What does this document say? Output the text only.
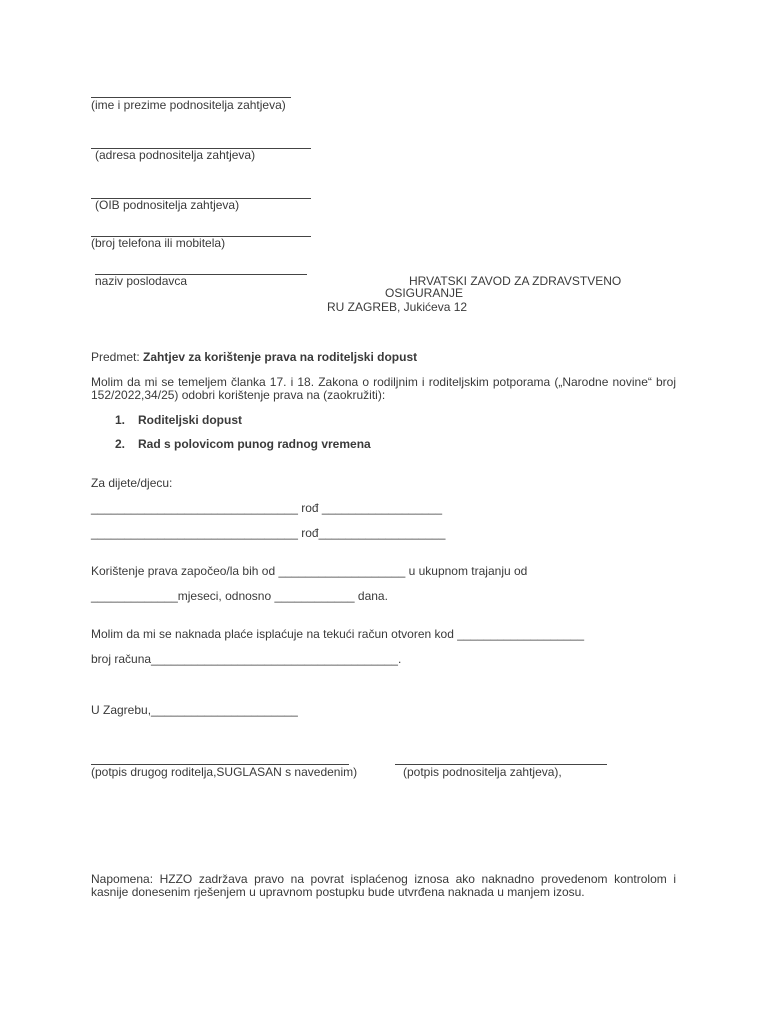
(ime i prezime podnositelja zahtjeva)
(adresa podnositelja zahtjeva)
(OIB podnositelja zahtjeva)
(broj telefona ili mobitela)
naziv poslodavca	HRVATSKI ZAVOD ZA ZDRAVSTVENO
OSIGURANJE
RU ZAGREB, Jukićeva 12
Predmet: Zahtjev za korištenje prava na roditeljski dopust
Molim da mi se temeljem članka 17. i 18. Zakona o rodiljnim i roditeljskim potporama („Narodne novine“ broj 152/2022,34/25) odobri korištenje prava na (zaokružiti):
1. Roditeljski dopust
2. Rad s polovicom punog radnog vremena
Za dijete/djecu:
_______________________________ rođ __________________
_______________________________ rođ___________________
Korištenje prava započeo/la bih od ___________________ u ukupnom trajanju od
_____________mjeseci, odnosno ____________ dana.
Molim da mi se naknada plaće isplaćuje na tekući račun otvoren kod ___________________
broj računa_____________________________________.
U Zagrebu,______________________
(potpis drugog roditelja,SUGLASAN s navedenim)	(potpis podnositelja zahtjeva),
Napomena: HZZO zadržava pravo na povrat isplaćenog iznosa ako naknadno provedenom kontrolom i kasnije donesenim rješenjem u upravnom postupku bude utvrđena naknada u manjem izosu.
